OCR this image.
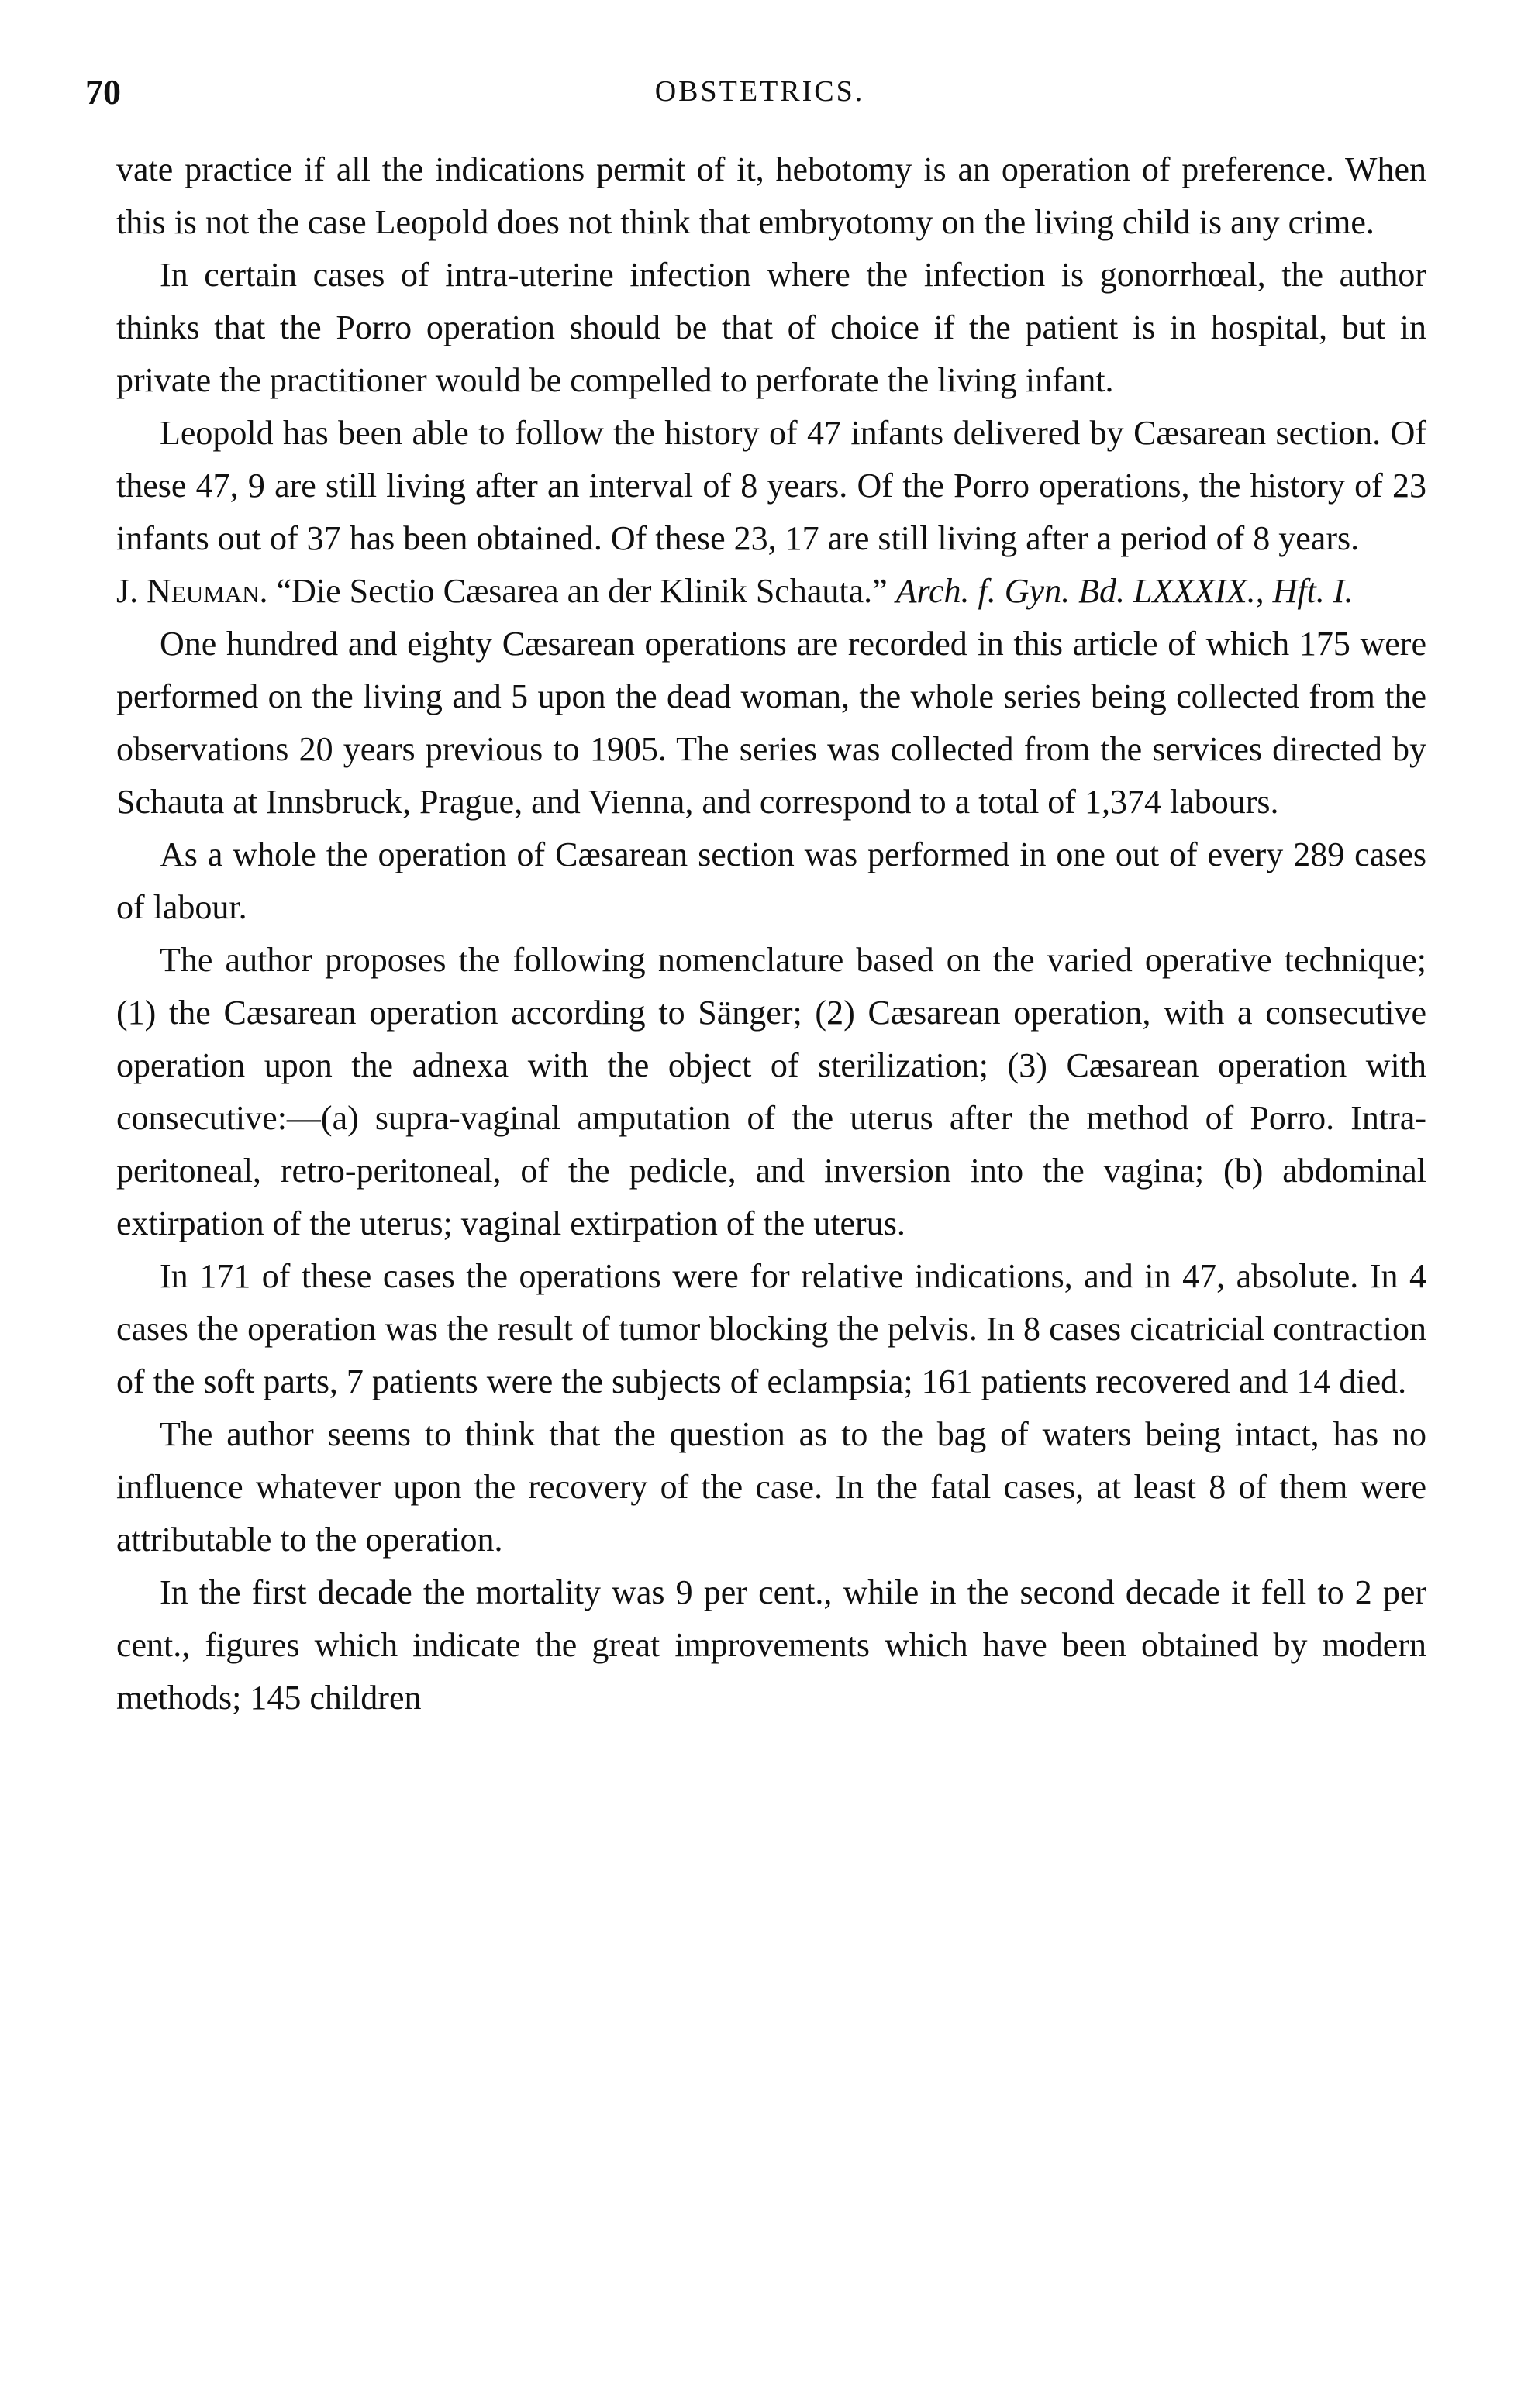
70	OBSTETRICS.

vate practice if all the indications permit of it, hebotomy is an operation of preference. When this is not the case Leopold does not think that embryotomy on the living child is any crime.

In certain cases of intra-uterine infection where the infection is gonorrhœal, the author thinks that the Porro operation should be that of choice if the patient is in hospital, but in private the practitioner would be compelled to perforate the living infant.

Leopold has been able to follow the history of 47 infants delivered by Cæsarean section. Of these 47, 9 are still living after an interval of 8 years. Of the Porro operations, the history of 23 infants out of 37 has been obtained. Of these 23, 17 are still living after a period of 8 years.

J. Neuman. “Die Sectio Cæsarea an der Klinik Schauta.” Arch. f. Gyn. Bd. LXXXIX., Hft. I.

One hundred and eighty Cæsarean operations are recorded in this article of which 175 were performed on the living and 5 upon the dead woman, the whole series being collected from the observations 20 years previous to 1905. The series was collected from the services directed by Schauta at Innsbruck, Prague, and Vienna, and correspond to a total of 1,374 labours.

As a whole the operation of Cæsarean section was performed in one out of every 289 cases of labour.

The author proposes the following nomenclature based on the varied operative technique; (1) the Cæsarean operation according to Sänger; (2) Cæsarean operation, with a consecutive operation upon the adnexa with the object of sterilization; (3) Cæsarean operation with consecutive:—(a) supra-vaginal amputation of the uterus after the method of Porro. Intra-peritoneal, retro-peritoneal, of the pedicle, and inversion into the vagina; (b) abdominal extirpation of the uterus; vaginal extirpation of the uterus.

In 171 of these cases the operations were for relative indications, and in 47, absolute. In 4 cases the operation was the result of tumor blocking the pelvis. In 8 cases cicatricial contraction of the soft parts, 7 patients were the subjects of eclampsia; 161 patients recovered and 14 died.

The author seems to think that the question as to the bag of waters being intact, has no influence whatever upon the recovery of the case. In the fatal cases, at least 8 of them were attributable to the operation.

In the first decade the mortality was 9 per cent., while in the second decade it fell to 2 per cent., figures which indicate the great improvements which have been obtained by modern methods; 145 children
